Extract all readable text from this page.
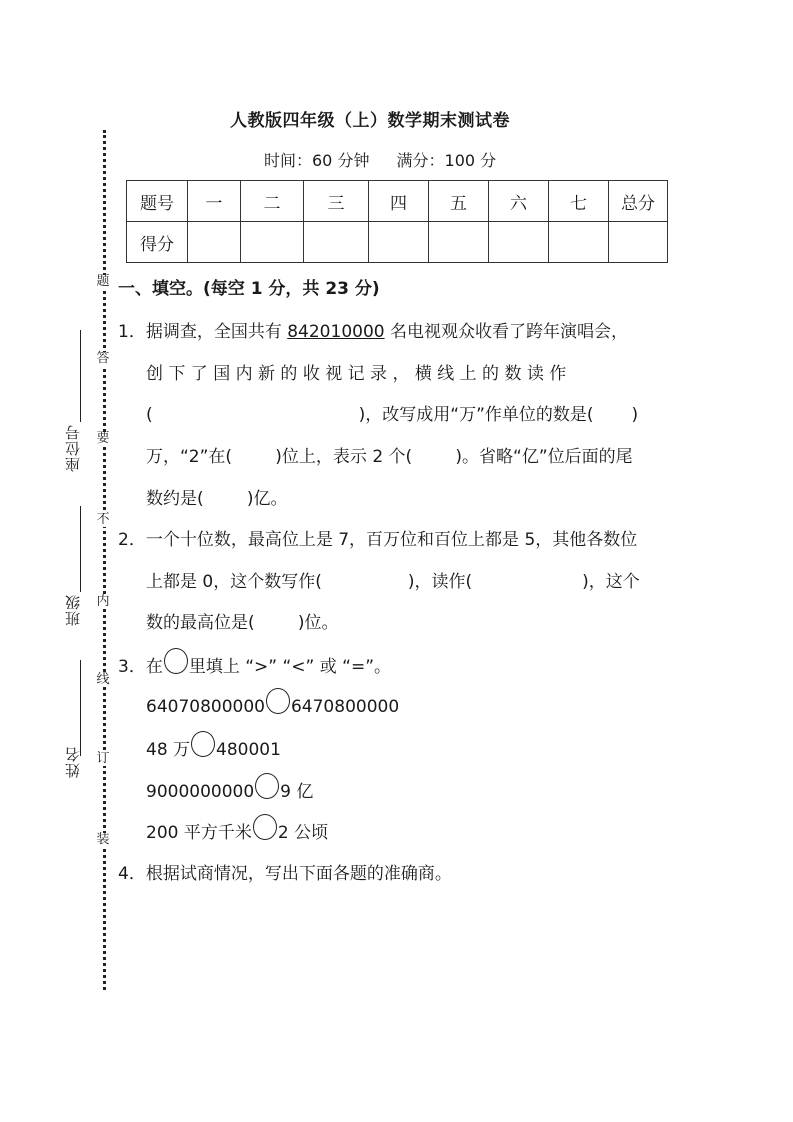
人教版四年级（上）数学期末测试卷
时间：60 分钟 满分：100 分
题号	一	二	三	四	五	六	七	总分
得分								
题
答
要
不
内
线
订
装
座位号
班级
姓名
一、填空。(每空 1 分，共 23 分)
1．据调查，全国共有 842010000 名电视观众收看了跨年演唱会，
创 下 了 国 内 新 的 收 视 记 录 ， 横 线 上 的 数 读 作
(	)，改写成用“万”作单位的数是( )
万，“2”在(        )位上，表示 2 个(        )。省略“亿”位后面的尾
数约是(        )亿。
2．一个十位数，最高位上是 7，百万位和百位上都是 5，其他各数位
上都是 0，这个数写作(	)，读作(	)，这个
数的最高位是(        )位。
3．在 里填上 “>” “<” 或 “=”。
64070800000 6470800000
48 万 480001
9000000000 9 亿
200 平方千米 2 公顷
4．根据试商情况，写出下面各题的准确商。
